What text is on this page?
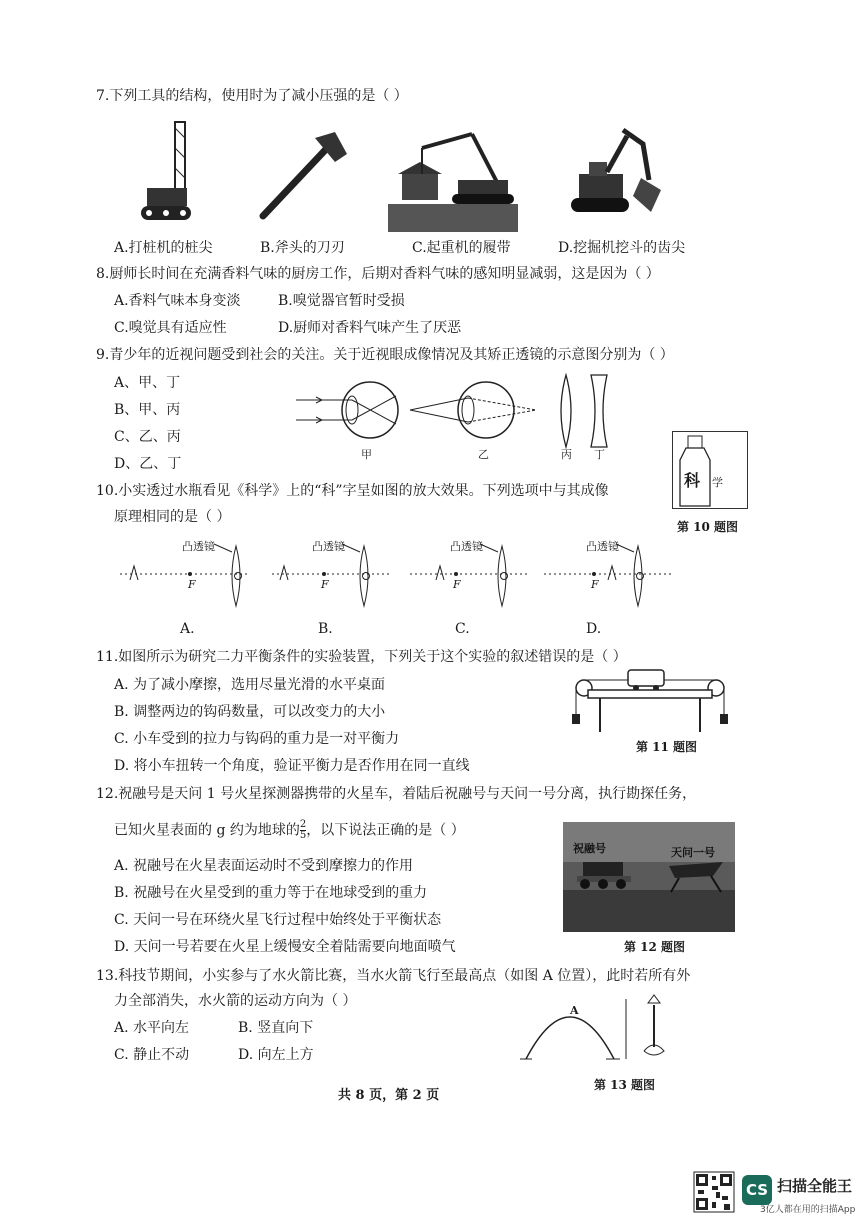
7.下列工具的结构，使用时为了减小压强的是（ ）
A.打桩机的桩尖	B.斧头的刀刃	C.起重机的履带	D.挖掘机挖斗的齿尖
8.厨师长时间在充满香料气味的厨房工作，后期对香料气味的感知明显减弱，这是因为（ ）
A.香料气味本身变淡	B.嗅觉器官暂时受损
C.嗅觉具有适应性	D.厨师对香料气味产生了厌恶
9.青少年的近视问题受到社会的关注。关于近视眼成像情况及其矫正透镜的示意图分别为（ ）
A、甲、丁
B、甲、丙
C、乙、丙
D、乙、丁
甲	乙	丙 丁
科 学
第 10 题图
10.小实透过水瓶看见《科学》上的“科”字呈如图的放大效果。下列选项中与其成像
原理相同的是（ ）
凸透镜	凸透镜	凸透镜	凸透镜
F	F	F	F
A.	B.	C.	D.
11.如图所示为研究二力平衡条件的实验装置，下列关于这个实验的叙述错误的是（ ）
A. 为了减小摩擦，选用尽量光滑的水平桌面
B. 调整两边的钩码数量，可以改变力的大小
C. 小车受到的拉力与钩码的重力是一对平衡力
D. 将小车扭转一个角度，验证平衡力是否作用在同一直线
第 11 题图
12.祝融号是天问 1 号火星探测器携带的火星车，着陆后祝融号与天问一号分离，执行勘探任务，
已知火星表面的 g 约为地球的 $\frac{2}{5}$ ，以下说法正确的是（ ）
A. 祝融号在火星表面运动时不受到摩擦力的作用
B. 祝融号在火星受到的重力等于在地球受到的重力
C. 天问一号在环绕火星飞行过程中始终处于平衡状态
D. 天问一号若要在火星上缓慢安全着陆需要向地面喷气
祝融号	天问一号
第 12 题图
13.科技节期间，小实参与了水火箭比赛，当水火箭飞行至最高点（如图 A 位置），此时若所有外
力全部消失，水火箭的运动方向为（ ）
A. 水平向左	B. 竖直向下
C. 静止不动	D. 向左上方
A
第 13 题图
共 8 页，第 2 页
CS 扫描全能王
3亿人都在用的扫描App
